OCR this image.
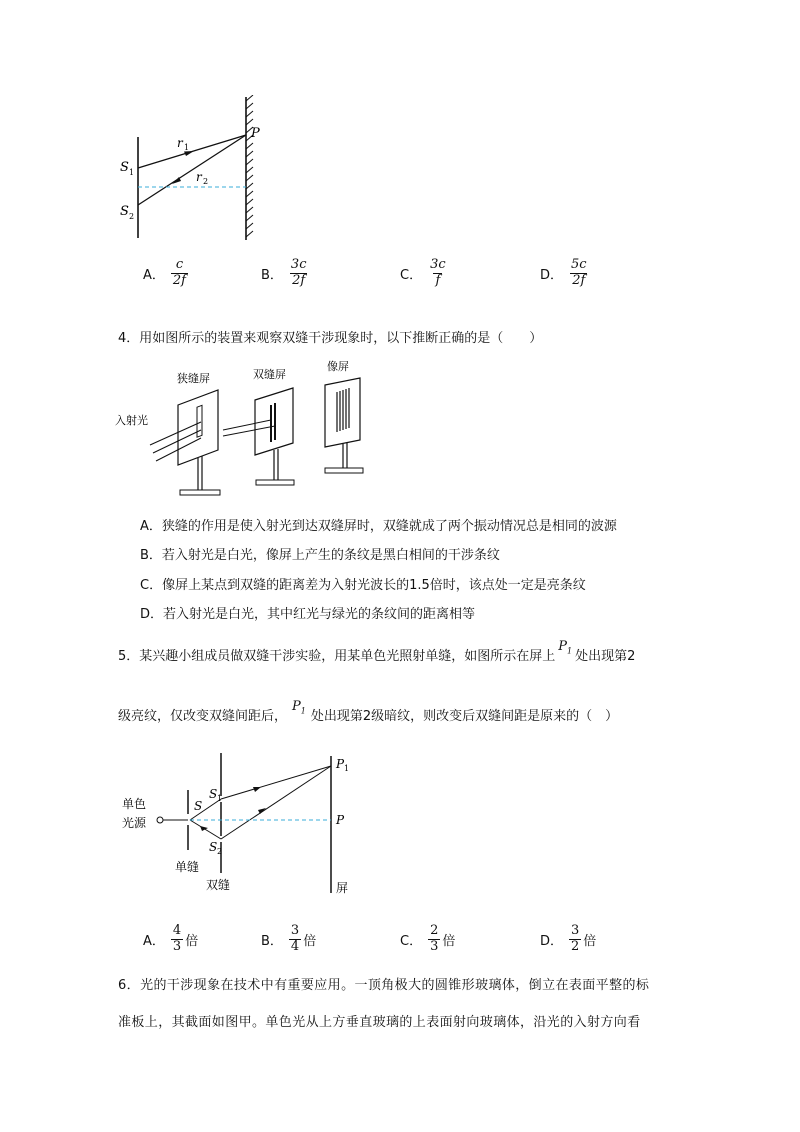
P
r 1
r 2
S 1
S 2
A． $\frac{c}{2f}$	B． $\frac{3c}{2f}$	C． $\frac{3c}{f}$	D． $\frac{5c}{2f}$
4．用如图所示的装置来观察双缝干涉现象时，以下推断正确的是（　　）
狭缝屏	双缝屏
像屏
入射光
A．狭缝的作用是使入射光到达双缝屏时，双缝就成了两个振动情况总是相同的波源
B．若入射光是白光，像屏上产生的条纹是黑白相间的干涉条纹
C．像屏上某点到双缝的距离差为入射光波长的1.5倍时，该点处一定是亮条纹
D．若入射光是白光，其中红光与绿光的条纹间的距离相等
5．某兴趣小组成员做双缝干涉实验，用某单色光照射单缝，如图所示在屏上$P_1$ 处出现第2
级亮纹，仅改变双缝间距后，$P_1$ 处出现第2级暗纹，则改变后双缝间距是原来的（　）
单色
光源
S
S 1
S 2
P 1
P
单缝
双缝	屏
A． $\frac{4}{3}$ 倍	B． $\frac{3}{4}$ 倍	C． $\frac{2}{3}$ 倍	D． $\frac{3}{2}$ 倍
6．光的干涉现象在技术中有重要应用。一顶角极大的圆锥形玻璃体，倒立在表面平整的标
准板上，其截面如图甲。单色光从上方垂直玻璃的上表面射向玻璃体，沿光的入射方向看
